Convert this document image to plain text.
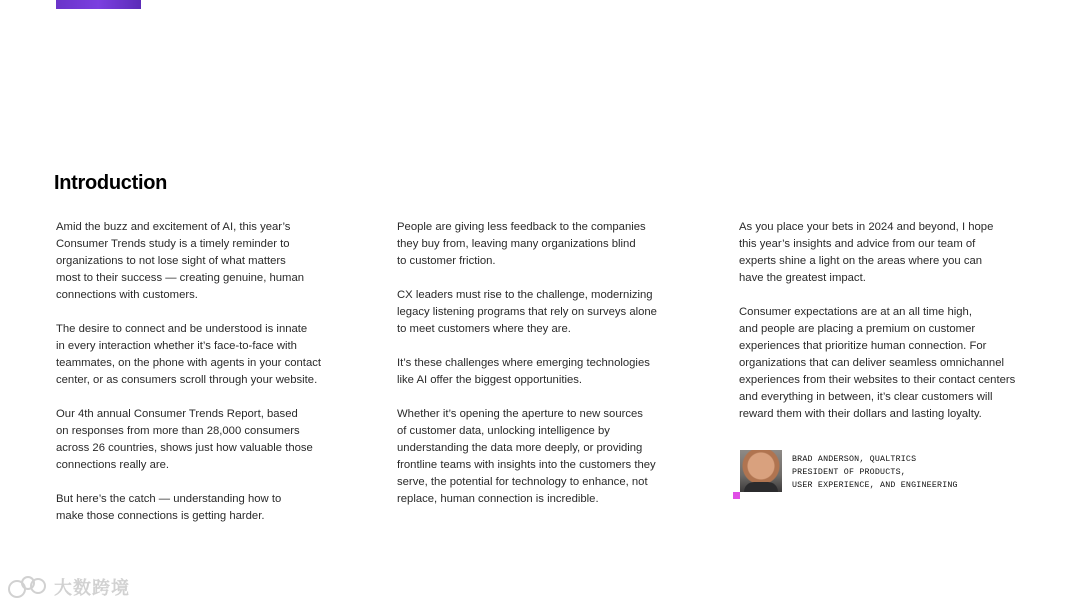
Introduction

Amid the buzz and excitement of AI, this year’s
Consumer Trends study is a timely reminder to
organizations to not lose sight of what matters
most to their success — creating genuine, human
connections with customers.

The desire to connect and be understood is innate
in every interaction whether it’s face-to-face with
teammates, on the phone with agents in your contact
center, or as consumers scroll through your website.

Our 4th annual Consumer Trends Report, based
on responses from more than 28,000 consumers
across 26 countries, shows just how valuable those
connections really are.

But here’s the catch — understanding how to
make those connections is getting harder.

People are giving less feedback to the companies
they buy from, leaving many organizations blind
to customer friction.

CX leaders must rise to the challenge, modernizing
legacy listening programs that rely on surveys alone
to meet customers where they are.

It’s these challenges where emerging technologies
like AI offer the biggest opportunities.

Whether it’s opening the aperture to new sources
of customer data, unlocking intelligence by
understanding the data more deeply, or providing
frontline teams with insights into the customers they
serve, the potential for technology to enhance, not
replace, human connection is incredible.

As you place your bets in 2024 and beyond, I hope
this year’s insights and advice from our team of
experts shine a light on the areas where you can
have the greatest impact.

Consumer expectations are at an all time high,
and people are placing a premium on customer
experiences that prioritize human connection. For
organizations that can deliver seamless omnichannel
experiences from their websites to their contact centers
and everything in between, it’s clear customers will
reward them with their dollars and lasting loyalty.

BRAD ANDERSON, QUALTRICS
PRESIDENT OF PRODUCTS,
USER EXPERIENCE, AND ENGINEERING
大数跨境
